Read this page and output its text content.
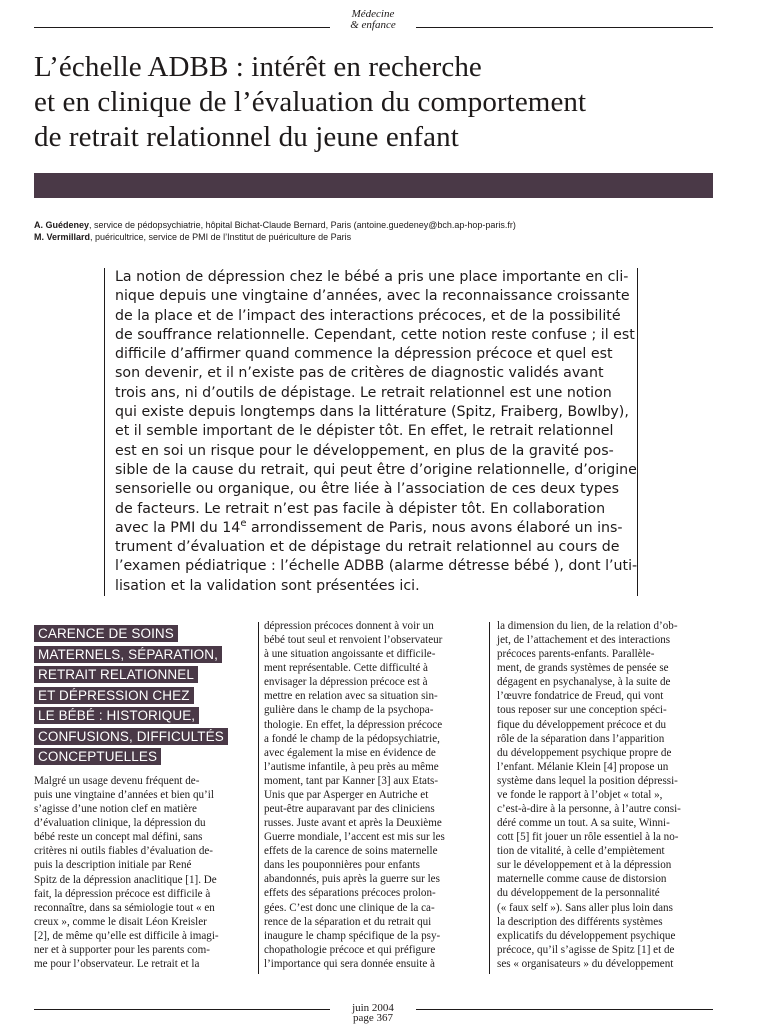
Médecine
& enfance
L’échelle ADBB : intérêt en recherche
et en clinique de l’évaluation du comportement
de retrait relationnel du jeune enfant
A. Guédeney, service de pédopsychiatrie, hôpital Bichat-Claude Bernard, Paris (antoine.guedeney@bch.ap-hop-paris.fr)
M. Vermillard, puéricultrice, service de PMI de l’Institut de puériculture de Paris
La notion de dépression chez le bébé a pris une place importante en cli-
nique depuis une vingtaine d’années, avec la reconnaissance croissante
de la place et de l’impact des interactions précoces, et de la possibilité
de souffrance relationnelle. Cependant, cette notion reste confuse ; il est
difficile d’affirmer quand commence la dépression précoce et quel est
son devenir, et il n’existe pas de critères de diagnostic validés avant
trois ans, ni d’outils de dépistage. Le retrait relationnel est une notion
qui existe depuis longtemps dans la littérature (Spitz, Fraiberg, Bowlby),
et il semble important de le dépister tôt. En effet, le retrait relationnel
est en soi un risque pour le développement, en plus de la gravité pos-
sible de la cause du retrait, qui peut être d’origine relationnelle, d’origine
sensorielle ou organique, ou être liée à l’association de ces deux types
de facteurs. Le retrait n’est pas facile à dépister tôt. En collaboration
avec la PMI du 14e arrondissement de Paris, nous avons élaboré un ins-
trument d’évaluation et de dépistage du retrait relationnel au cours de
l’examen pédiatrique : l’échelle ADBB (alarme détresse bébé ), dont l’uti-
lisation et la validation sont présentées ici.
CARENCE DE SOINS
MATERNELS, SÉPARATION,
RETRAIT RELATIONNEL
ET DÉPRESSION CHEZ
LE BÉBÉ : HISTORIQUE,
CONFUSIONS, DIFFICULTÉS
CONCEPTUELLES
Malgré un usage devenu fréquent de-
puis une vingtaine d’années et bien qu’il
s’agisse d’une notion clef en matière
d’évaluation clinique, la dépression du
bébé reste un concept mal défini, sans
critères ni outils fiables d’évaluation de-
puis la description initiale par René
Spitz de la dépression anaclitique [1]. De
fait, la dépression précoce est difficile à
reconnaître, dans sa sémiologie tout « en
creux », comme le disait Léon Kreisler
[2], de même qu’elle est difficile à imagi-
ner et à supporter pour les parents com-
me pour l’observateur. Le retrait et la
dépression précoces donnent à voir un
bébé tout seul et renvoient l’observateur
à une situation angoissante et difficile-
ment représentable. Cette difficulté à
envisager la dépression précoce est à
mettre en relation avec sa situation sin-
gulière dans le champ de la psychopa-
thologie. En effet, la dépression précoce
a fondé le champ de la pédopsychiatrie,
avec également la mise en évidence de
l’autisme infantile, à peu près au même
moment, tant par Kanner [3] aux Etats-
Unis que par Asperger en Autriche et
peut-être auparavant par des cliniciens
russes. Juste avant et après la Deuxième
Guerre mondiale, l’accent est mis sur les
effets de la carence de soins maternelle
dans les pouponnières pour enfants
abandonnés, puis après la guerre sur les
effets des séparations précoces prolon-
gées. C’est donc une clinique de la ca-
rence de la séparation et du retrait qui
inaugure le champ spécifique de la psy-
chopathologie précoce et qui préfigure
l’importance qui sera donnée ensuite à
la dimension du lien, de la relation d’ob-
jet, de l’attachement et des interactions
précoces parents-enfants. Parallèle-
ment, de grands systèmes de pensée se
dégagent en psychanalyse, à la suite de
l’œuvre fondatrice de Freud, qui vont
tous reposer sur une conception spéci-
fique du développement précoce et du
rôle de la séparation dans l’apparition
du développement psychique propre de
l’enfant. Mélanie Klein [4] propose un
système dans lequel la position dépressi-
ve fonde le rapport à l’objet « total »,
c’est-à-dire à la personne, à l’autre consi-
déré comme un tout. A sa suite, Winni-
cott [5] fit jouer un rôle essentiel à la no-
tion de vitalité, à celle d’empiètement
sur le développement et à la dépression
maternelle comme cause de distorsion
du développement de la personnalité
(« faux self »). Sans aller plus loin dans
la description des différents systèmes
explicatifs du développement psychique
précoce, qu’il s’agisse de Spitz [1] et de
ses « organisateurs » du développement
juin 2004
page 367
